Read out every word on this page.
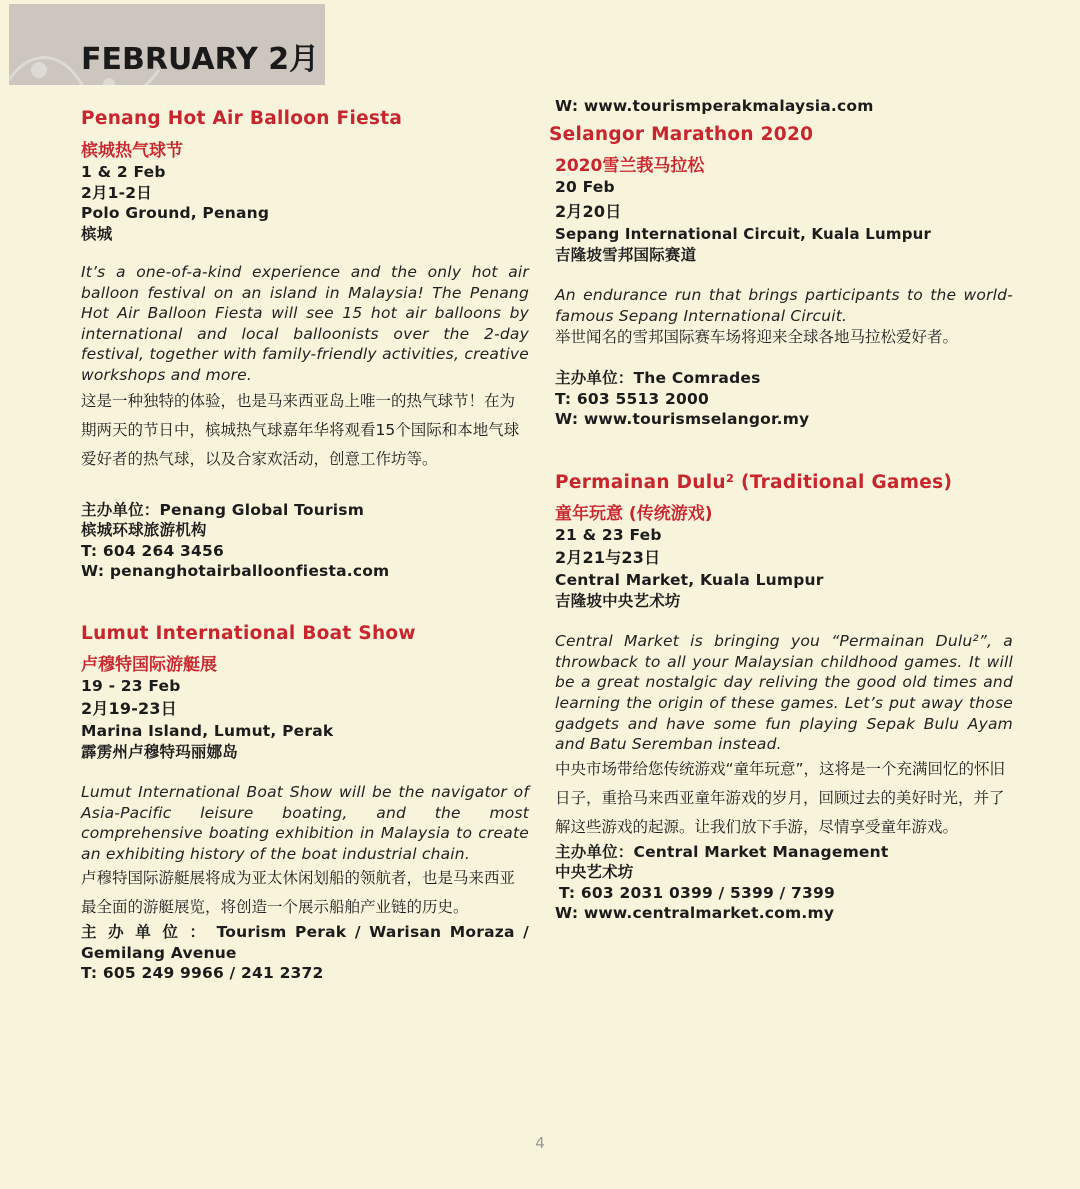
FEBRUARY 2月
Penang Hot Air Balloon Fiesta
槟城热气球节
1 & 2 Feb
2月1-2日
Polo Ground, Penang
槟城
It’s a one-of-a-kind experience and the only hot air balloon festival on an island in Malaysia! The Penang Hot Air Balloon Fiesta will see 15 hot air balloons by international and local balloonists over the 2-day festival, together with family-friendly activities, creative workshops and more.
这是一种独特的体验，也是马来西亚岛上唯一的热气球节！在为期两天的节日中，槟城热气球嘉年华将观看15个国际和本地气球爱好者的热气球，以及合家欢活动，创意工作坊等。
主办单位：Penang Global Tourism
槟城环球旅游机构
T: 604 264 3456
W: penanghotairballoonfiesta.com
Lumut International Boat Show
卢穆特国际游艇展
19 - 23 Feb
2月19-23日
Marina Island, Lumut, Perak
霹雳州卢穆特玛丽娜岛
Lumut International Boat Show will be the navigator of Asia-Pacific leisure boating, and the most comprehensive boating exhibition in Malaysia to create an exhibiting history of the boat industrial chain.
卢穆特国际游艇展将成为亚太休闲划船的领航者，也是马来西亚最全面的游艇展览，将创造一个展示船舶产业链的历史。
主 办 单 位 ： Tourism Perak / Warisan Moraza /
Gemilang Avenue
T: 605 249 9966 / 241 2372
W: www.tourismperakmalaysia.com
Selangor Marathon 2020
2020雪兰莪马拉松
20 Feb
2月20日
Sepang International Circuit, Kuala Lumpur
吉隆坡雪邦国际赛道
An endurance run that brings participants to the world-famous Sepang International Circuit.
举世闻名的雪邦国际赛车场将迎来全球各地马拉松爱好者。
主办单位：The Comrades
T: 603 5513 2000
W: www.tourismselangor.my
Permainan Dulu² (Traditional Games)
童年玩意 (传统游戏)
21 & 23 Feb
2月21与23日
Central Market, Kuala Lumpur
吉隆坡中央艺术坊
Central Market is bringing you “Permainan Dulu²”, a throwback to all your Malaysian childhood games. It will be a great nostalgic day reliving the good old times and learning the origin of these games. Let’s put away those gadgets and have some fun playing Sepak Bulu Ayam and Batu Seremban instead.
中央市场带给您传统游戏“童年玩意”，这将是一个充满回忆的怀旧日子，重拾马来西亚童年游戏的岁月，回顾过去的美好时光，并了解这些游戏的起源。让我们放下手游，尽情享受童年游戏。
主办单位：Central Market Management
中央艺术坊
T: 603 2031 0399 / 5399 / 7399
W: www.centralmarket.com.my
4
